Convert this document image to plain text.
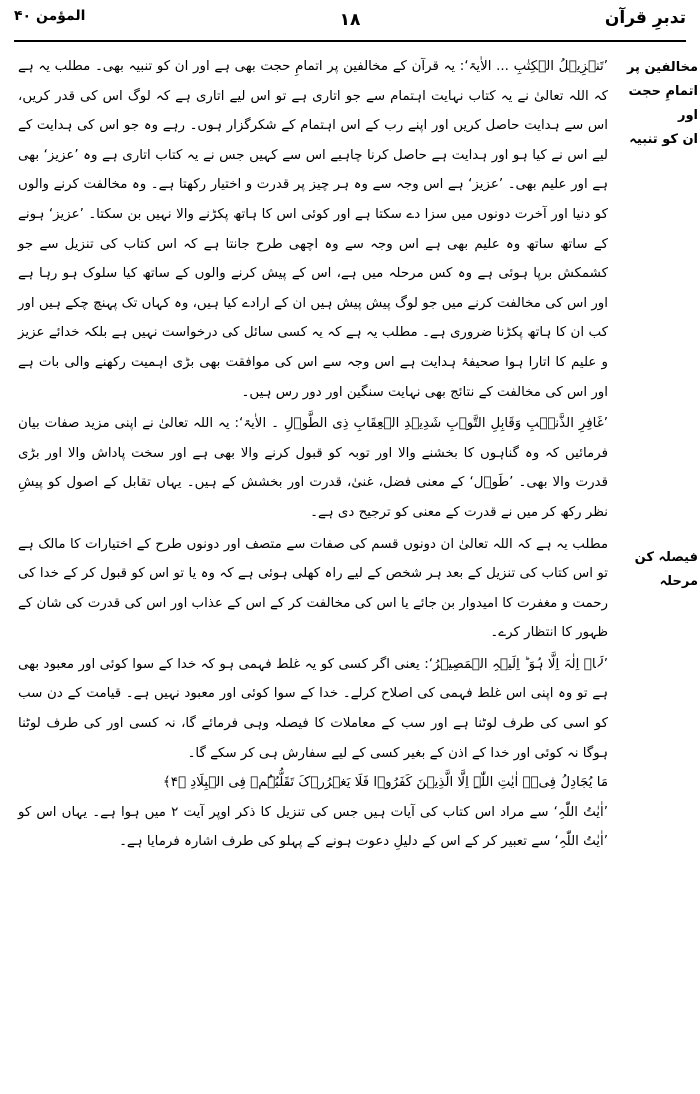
تدبرِ قرآن
۱۸
المؤمن ۴۰
مخالفین پر
اتمامِ حجت اور
ان کو تنبیہ

’تَنۡزِیۡلُ الۡکِتٰبِ ... الاٰیۃ‘: یہ قرآن کے مخالفین پر اتمامِ حجت بھی ہے اور ان کو تنبیہ بھی۔ مطلب یہ ہے کہ اللہ تعالیٰ نے یہ کتاب نہایت اہتمام سے جو اتاری ہے تو اس لیے اتاری ہے کہ لوگ اس کی قدر کریں، اس سے ہدایت حاصل کریں اور اپنے رب کے اس اہتمام کے شکرگزار ہوں۔ رہے وہ جو اس کی ہدایت کے لیے اس نے کیا ہو اور ہدایت ہے حاصل کرنا چاہیے اس سے کہیں جس نے یہ کتاب اتاری ہے وہ ’عزیز‘ بھی ہے اور علیم بھی۔ ’عزیز‘ ہے اس وجہ سے وہ ہر چیز پر قدرت و اختیار رکھتا ہے۔ وہ مخالفت کرنے والوں کو دنیا اور آخرت دونوں میں سزا دے سکتا ہے اور کوئی اس کا ہاتھ پکڑنے والا نہیں بن سکتا۔ ’عزیز‘ ہونے کے ساتھ ساتھ وہ علیم بھی ہے اس وجہ سے وہ اچھی طرح جانتا ہے کہ اس کتاب کی تنزیل سے جو کشمکش برپا ہوئی ہے وہ کس مرحلہ میں ہے، اس کے پیش کرنے والوں کے ساتھ کیا سلوک ہو رہا ہے اور اس کی مخالفت کرنے میں جو لوگ پیش پیش ہیں ان کے ارادے کیا ہیں، وہ کہاں تک پہنچ چکے ہیں اور کب ان کا ہاتھ پکڑنا ضروری ہے۔ مطلب یہ ہے کہ یہ کسی سائل کی درخواست نہیں ہے بلکہ خدائے عزیز و علیم کا اتارا ہوا صحیفۂ ہدایت ہے اس وجہ سے اس کی موافقت بھی بڑی اہمیت رکھنے والی بات ہے اور اس کی مخالفت کے نتائج بھی نہایت سنگین اور دور رس ہیں۔

’غَافِرِ الذَّنۡۢبِ وَقَابِلِ التَّوۡبِ شَدِیۡدِ الۡعِقَابِ ذِی الطَّوۡلِ ۔ الاٰیۃ‘: یہ اللہ تعالیٰ نے اپنی مزید صفات بیان فرمائیں کہ وہ گناہوں کا بخشنے والا اور توبہ کو قبول کرنے والا بھی ہے اور سخت پاداش والا اور بڑی قدرت والا بھی۔ ’طَوۡل‘ کے معنی فضل، غنیٰ، قدرت اور بخشش کے ہیں۔ یہاں تقابل کے اصول کو پیشِ نظر رکھ کر میں نے قدرت کے معنی کو ترجیح دی ہے۔

فیصلہ کن
مرحلہ

مطلب یہ ہے کہ اللہ تعالیٰ ان دونوں قسم کی صفات سے متصف اور دونوں طرح کے اختیارات کا مالک ہے تو اس کتاب کی تنزیل کے بعد ہر شخص کے لیے راہ کھلی ہوئی ہے کہ وہ یا تو اس کو قبول کر کے خدا کی رحمت و مغفرت کا امیدوار بن جائے یا اس کی مخالفت کر کے اس کے عذاب اور اس کی قدرت کی شان کے ظہور کا انتظار کرے۔

’لَاۤ اِلٰہَ اِلَّا ہُوَ ؕ اِلَیۡہِ الۡمَصِیۡرُ‘: یعنی اگر کسی کو یہ غلط فہمی ہو کہ خدا کے سوا کوئی اور معبود بھی ہے تو وہ اپنی اس غلط فہمی کی اصلاح کرلے۔ خدا کے سوا کوئی اور معبود نہیں ہے۔ قیامت کے دن سب کو اسی کی طرف لوٹنا ہے اور سب کے معاملات کا فیصلہ وہی فرمائے گا، نہ کسی اور کی طرف لوٹنا ہوگا نہ کوئی اور خدا کے اذن کے بغیر کسی کے لیے سفارش ہی کر سکے گا۔

مَا یُجَادِلُ فِیۡۤ اٰیٰتِ اللّٰہِ اِلَّا الَّذِیۡنَ کَفَرُوۡا فَلَا یَغۡرُرۡکَ تَقَلُّبُہُمۡ فِی الۡبِلَادِ ﴿۴﴾

’اٰیٰتُ اللّٰہِ‘ سے مراد اس کتاب کی آیات ہیں جس کی تنزیل کا ذکر اوپر آیت ۲ میں ہوا ہے۔ یہاں اس کو ’اٰیٰتُ اللّٰہِ‘ سے تعبیر کر کے اس کے دلیلِ دعوت ہونے کے پہلو کی طرف اشارہ فرمایا ہے۔
